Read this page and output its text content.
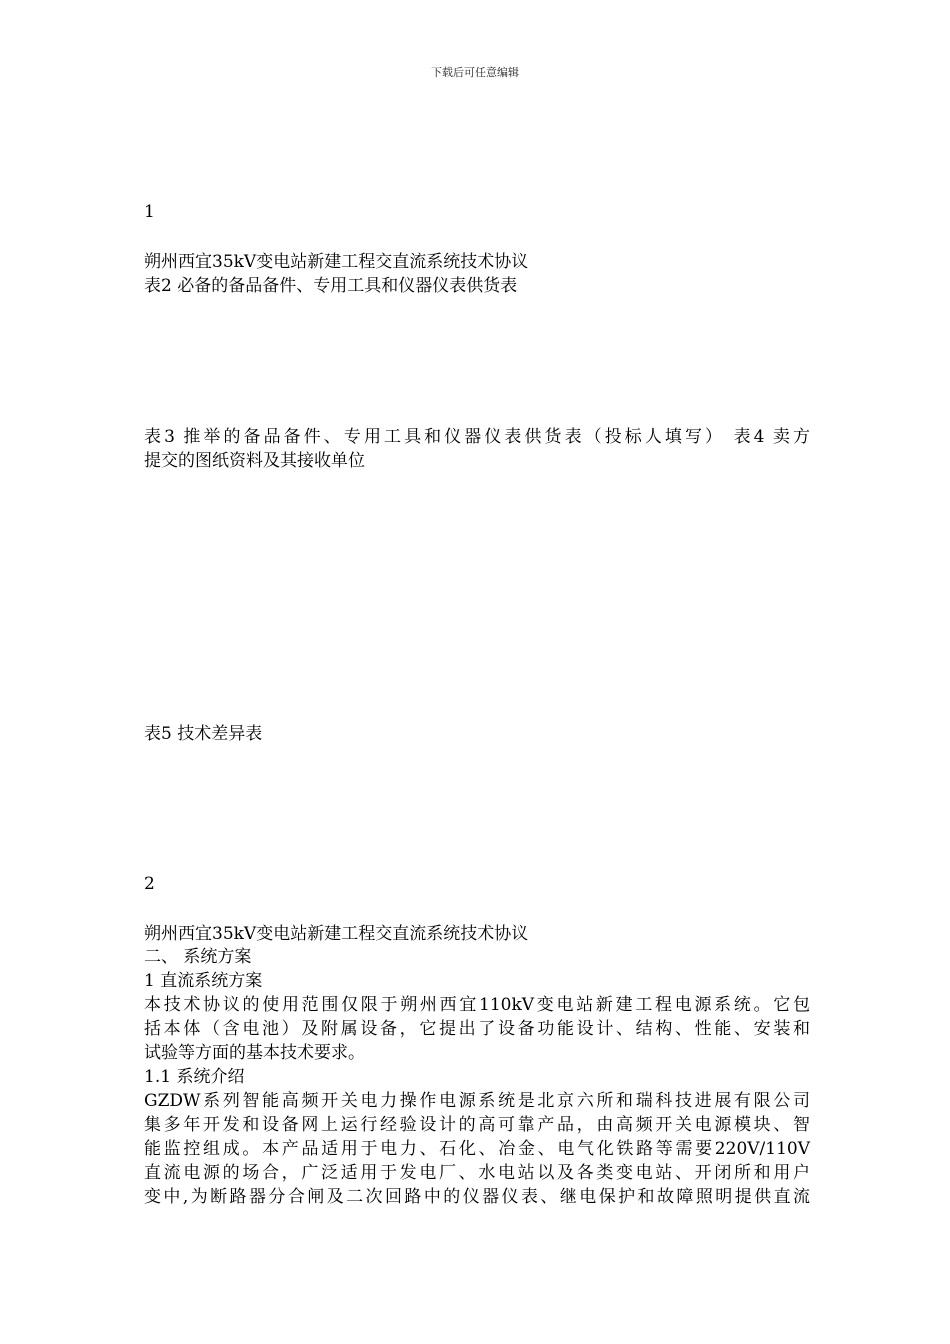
下载后可任意编辑
1
朔州西宜35kV变电站新建工程交直流系统技术协议
表2 必备的备品备件、专用工具和仪器仪表供货表
表3 推举的备品备件、专用工具和仪器仪表供货表（投标人填写） 表4 卖方
提交的图纸资料及其接收单位
表5 技术差异表
2
朔州西宜35kV变电站新建工程交直流系统技术协议
二、 系统方案
1 直流系统方案
本技术协议的使用范围仅限于朔州西宜110kV变电站新建工程电源系统。它包
括本体（含电池）及附属设备，它提出了设备功能设计、结构、性能、安装和
试验等方面的基本技术要求。
1.1 系统介绍
GZDW系列智能高频开关电力操作电源系统是北京六所和瑞科技进展有限公司
集多年开发和设备网上运行经验设计的高可靠产品，由高频开关电源模块、智
能监控组成。本产品适用于电力、石化、冶金、电气化铁路等需要220V/110V
直流电源的场合，广泛适用于发电厂、水电站以及各类变电站、开闭所和用户
变中,为断路器分合闸及二次回路中的仪器仪表、继电保护和故障照明提供直流
